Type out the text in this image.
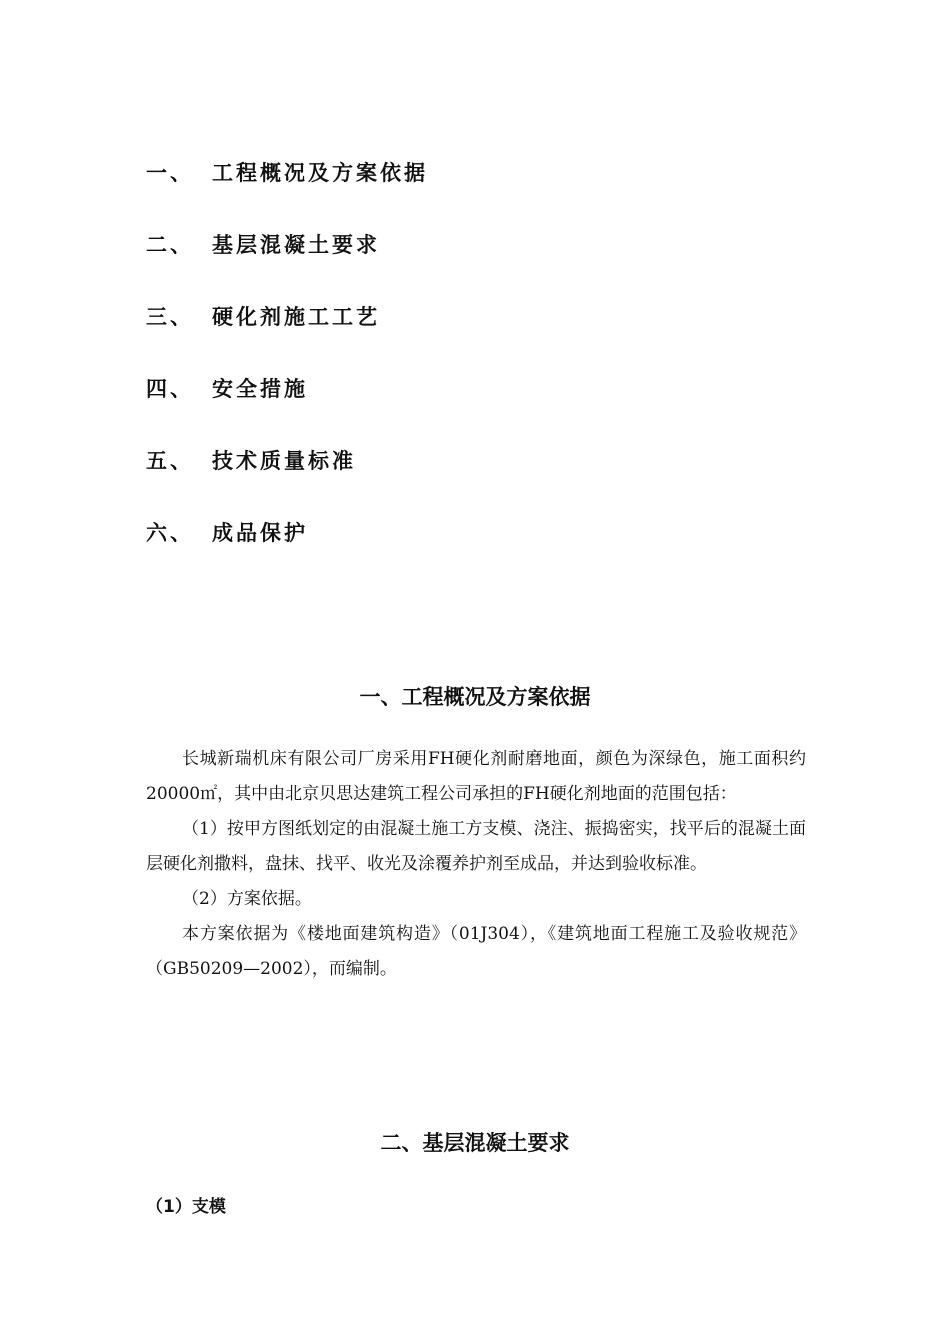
一、 工程概况及方案依据
二、 基层混凝土要求
三、 硬化剂施工工艺
四、 安全措施
五、 技术质量标准
六、 成品保护
一、工程概况及方案依据

长城新瑞机床有限公司厂房采用FH硬化剂耐磨地面，颜色为深绿色，施工面积约20000㎡，其中由北京贝思达建筑工程公司承担的FH硬化剂地面的范围包括：

（1）按甲方图纸划定的由混凝土施工方支模、浇注、振捣密实，找平后的混凝土面层硬化剂撒料，盘抹、找平、收光及涂覆养护剂至成品，并达到验收标准。

（2）方案依据。

本方案依据为《楼地面建筑构造》（01J304），《建筑地面工程施工及验收规范》（GB50209—2002），而编制。

二、基层混凝土要求
（1）支模
